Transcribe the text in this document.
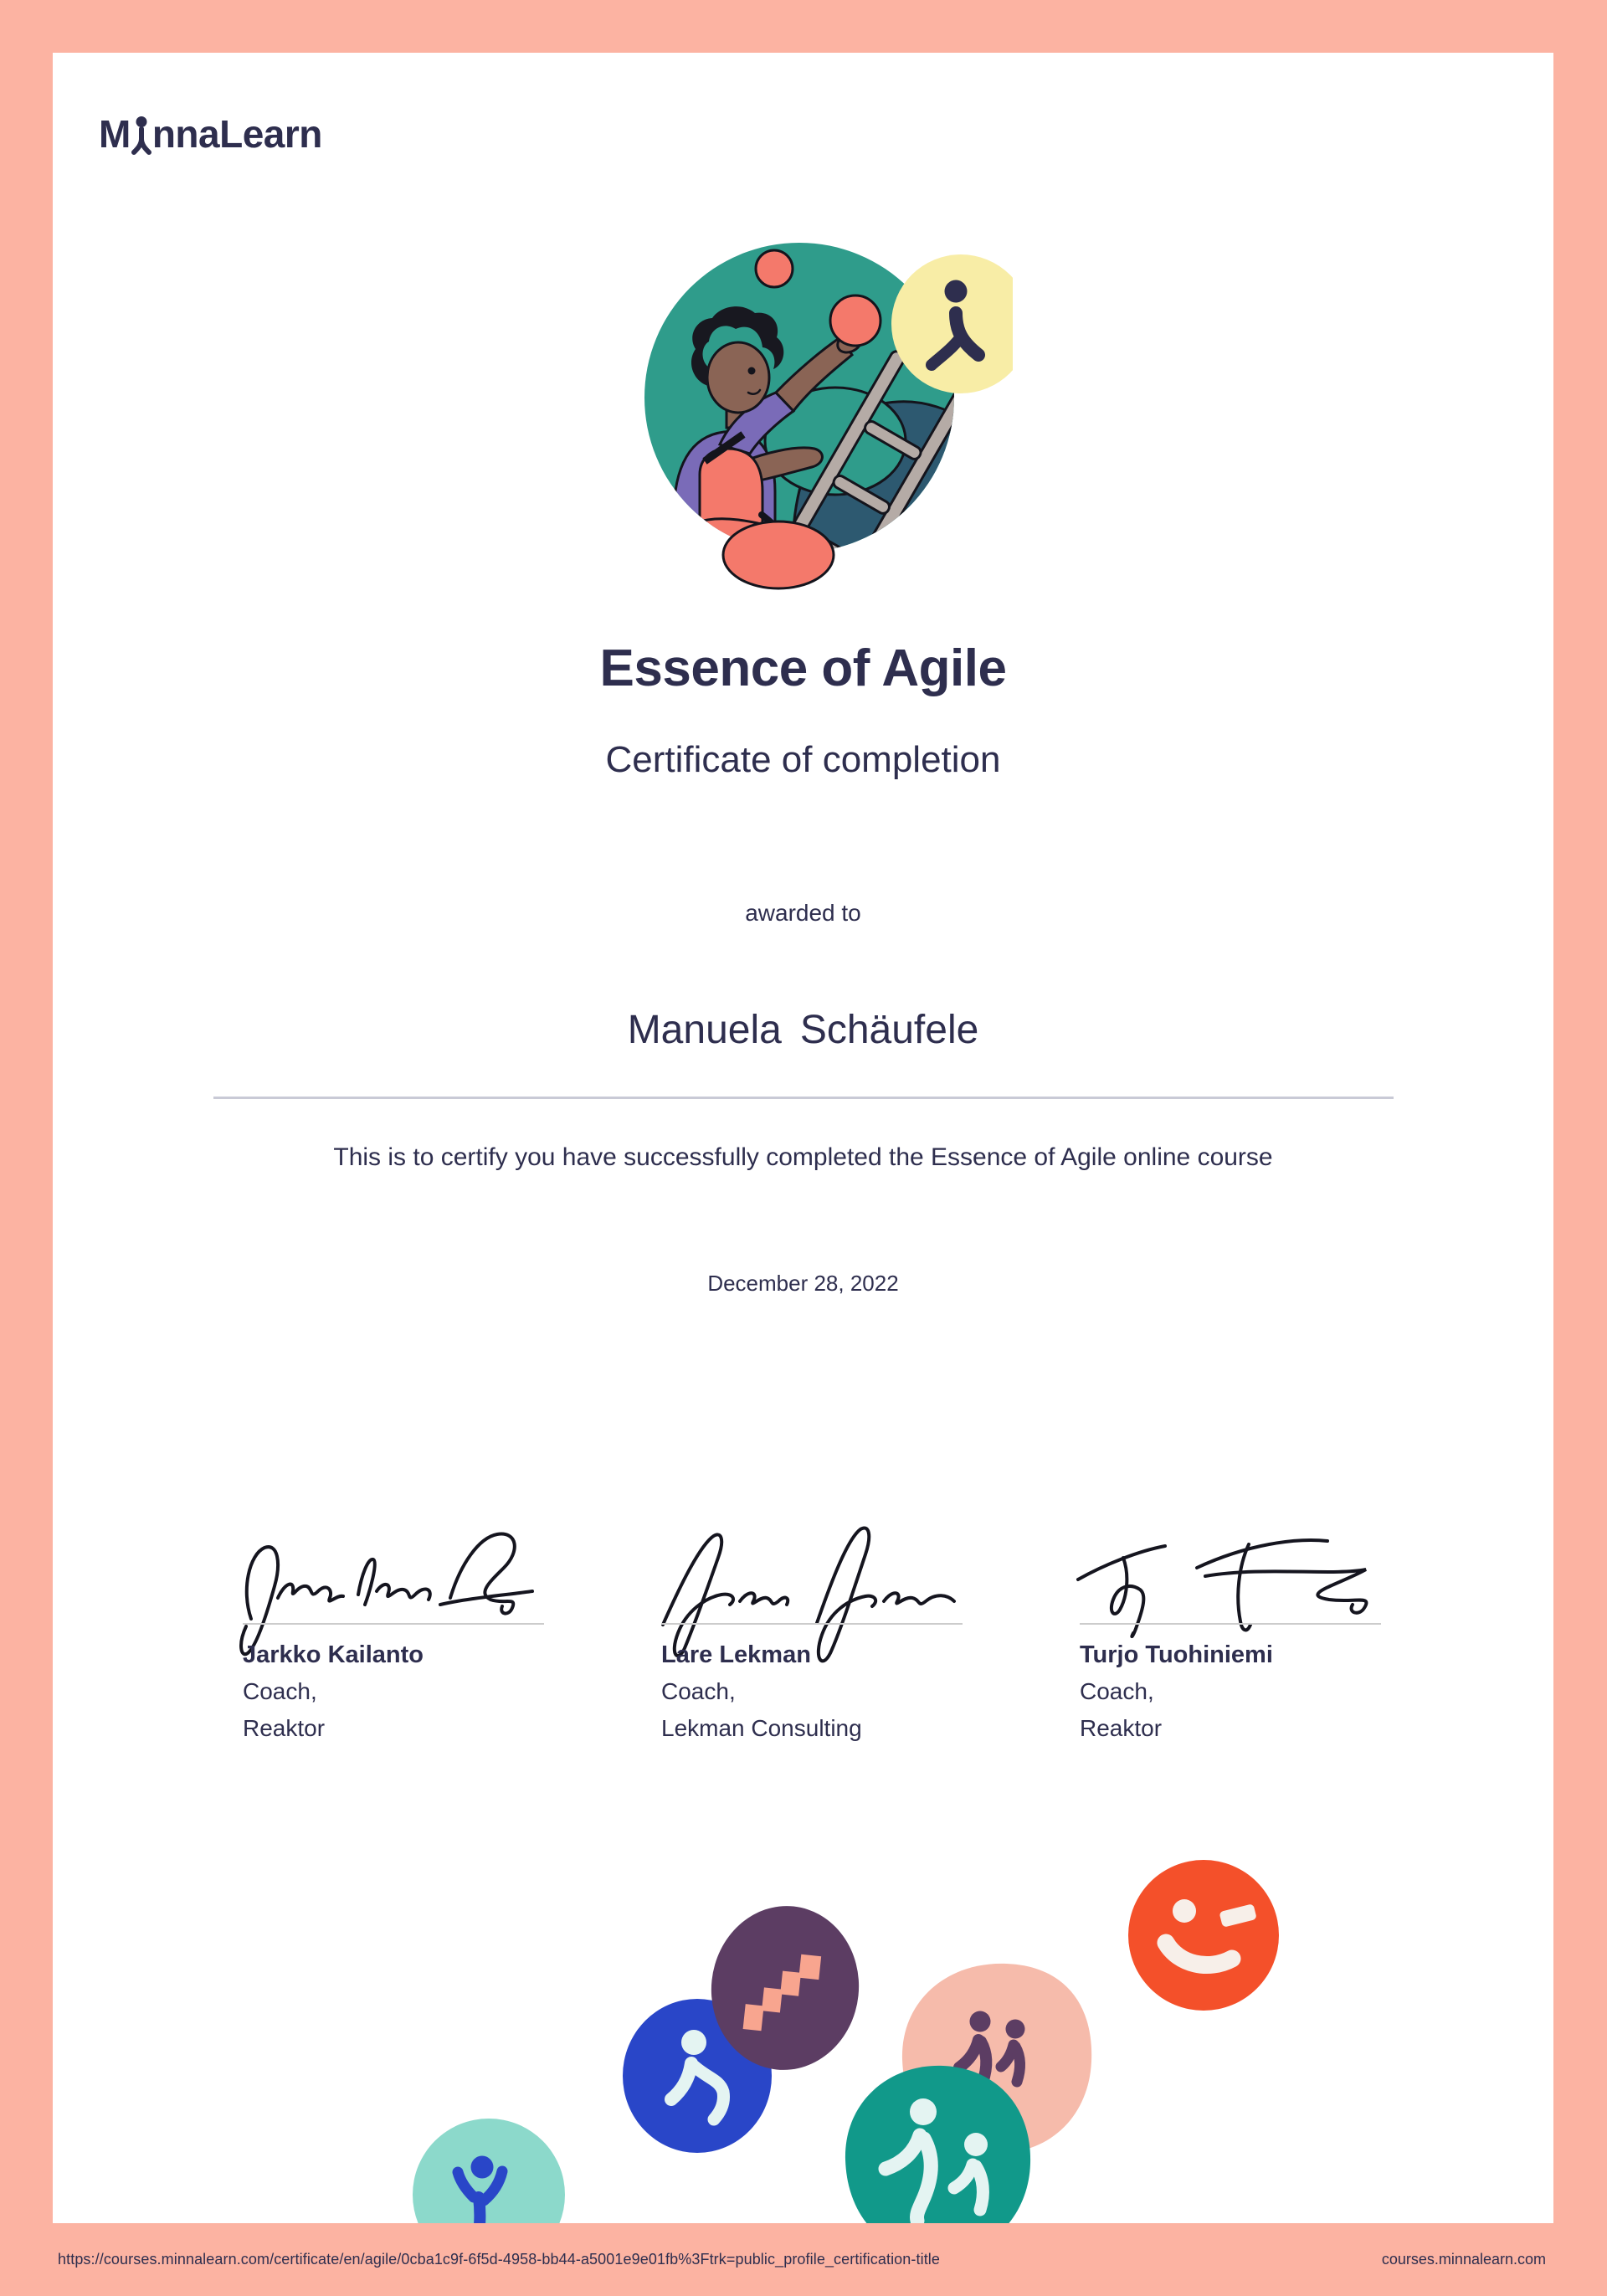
M nnaLearn
Essence of Agile
Certificate of completion
awarded to
Manuela Schäufele
This is to certify you have successfully completed the Essence of Agile online course
December 28, 2022
Jarkko Kailanto
Coach,
Reaktor
Lare Lekman
Coach,
Lekman Consulting
Turjo Tuohiniemi
Coach,
Reaktor
https://courses.minnalearn.com/certificate/en/agile/0cba1c9f-6f5d-4958-bb44-a5001e9e01fb%3Ftrk=public_profile_certification-title	courses.minnalearn.com
